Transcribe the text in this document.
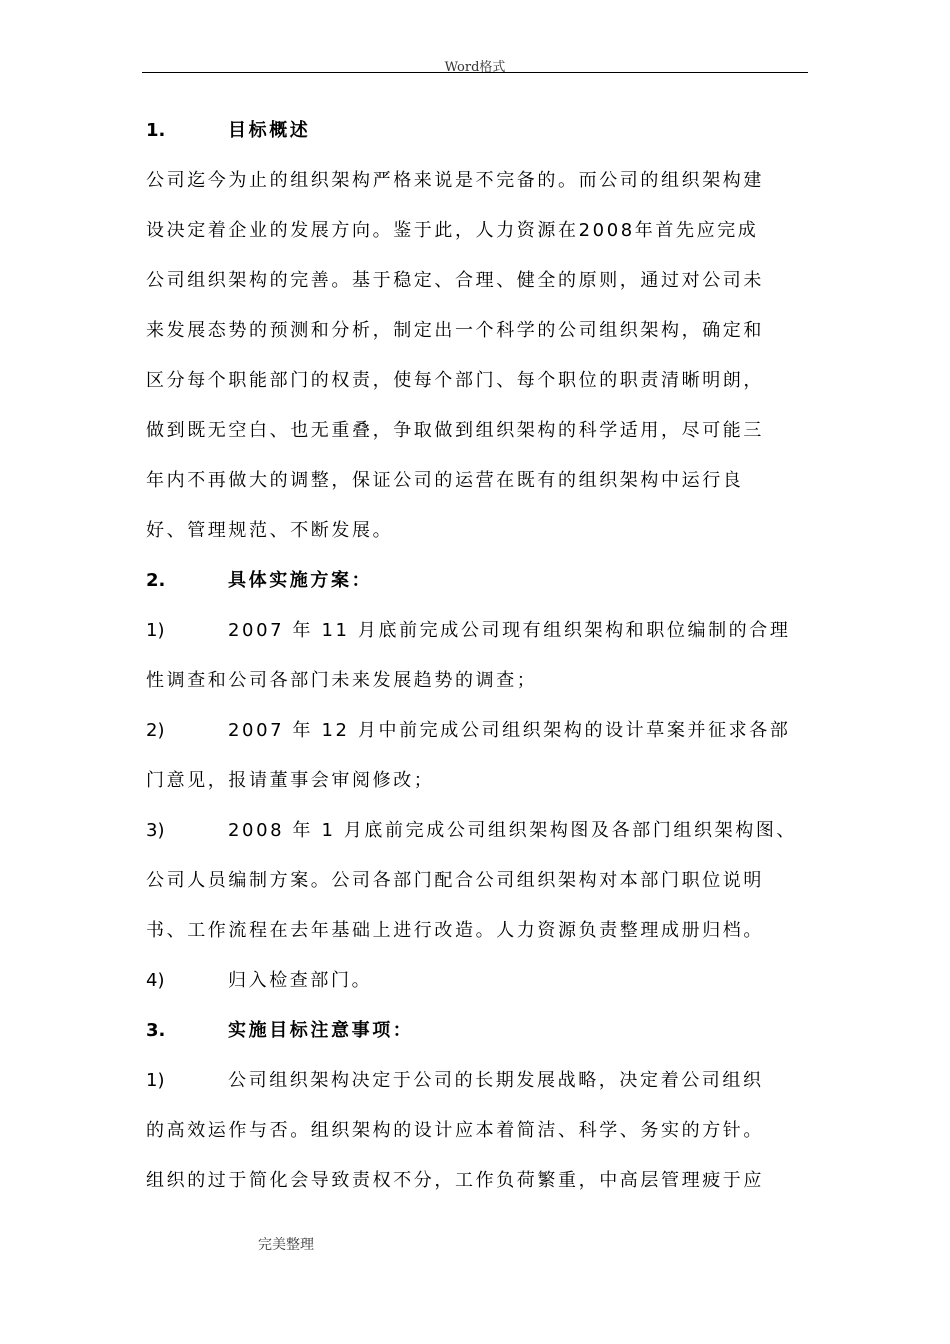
Word格式
1.	目标概述
公司迄今为止的组织架构严格来说是不完备的。而公司的组织架构建
设决定着企业的发展方向。鉴于此，人力资源在2008年首先应完成
公司组织架构的完善。基于稳定、合理、健全的原则，通过对公司未
来发展态势的预测和分析，制定出一个科学的公司组织架构，确定和
区分每个职能部门的权责，使每个部门、每个职位的职责清晰明朗，
做到既无空白、也无重叠，争取做到组织架构的科学适用，尽可能三
年内不再做大的调整，保证公司的运营在既有的组织架构中运行良
好、管理规范、不断发展。
2.	具体实施方案：
1)	2007 年 11 月底前完成公司现有组织架构和职位编制的合理
性调查和公司各部门未来发展趋势的调查；
2)	2007 年 12 月中前完成公司组织架构的设计草案并征求各部
门意见，报请董事会审阅修改；
3)	2008 年 1 月底前完成公司组织架构图及各部门组织架构图、
公司人员编制方案。公司各部门配合公司组织架构对本部门职位说明
书、工作流程在去年基础上进行改造。人力资源负责整理成册归档。
4)	归入检查部门。
3.	实施目标注意事项：
1)	公司组织架构决定于公司的长期发展战略，决定着公司组织
的高效运作与否。组织架构的设计应本着简洁、科学、务实的方针。
组织的过于简化会导致责权不分，工作负荷繁重，中高层管理疲于应
完美整理
